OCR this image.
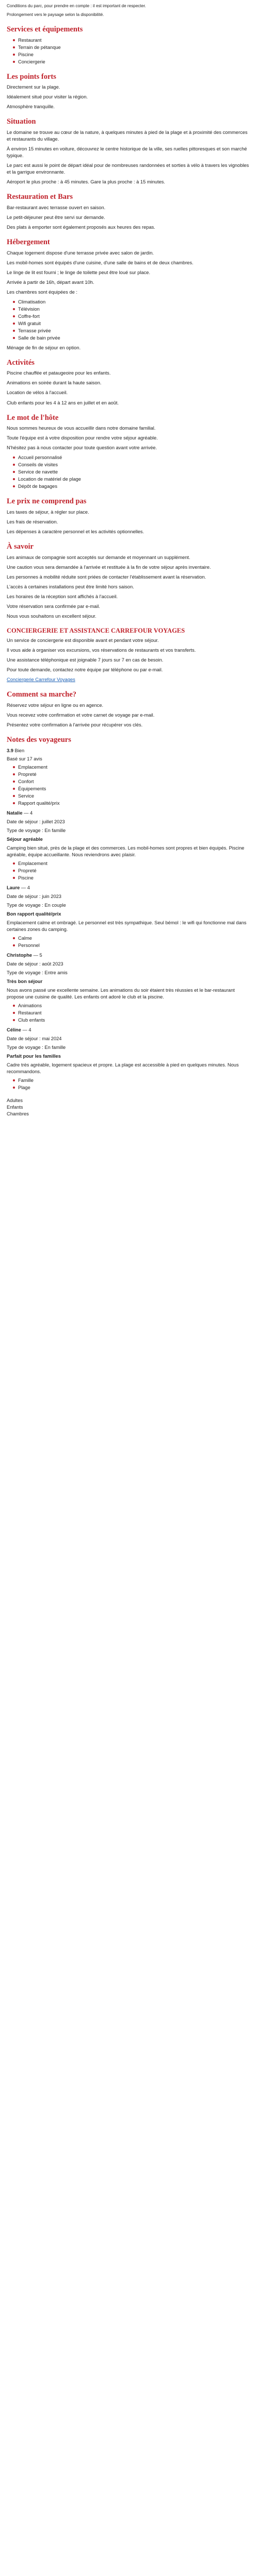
Conditions du parc, pour prendre en compte : il est important de respecter.

Prolongement vers le paysage selon la disponibilité.

Services et équipements
Restaurant
Terrain de pétanque
Piscine
Conciergerie
Les points forts

Directement sur la plage.

Idéalement situé pour visiter la région.

Atmosphère tranquille.

Situation

Le domaine se trouve au cœur de la nature, à quelques minutes à pied de la plage et à proximité des commerces et restaurants du village.

À environ 15 minutes en voiture, découvrez le centre historique de la ville, ses ruelles pittoresques et son marché typique.

Le parc est aussi le point de départ idéal pour de nombreuses randonnées et sorties à vélo à travers les vignobles et la garrigue environnante.

Aéroport le plus proche : à 45 minutes. Gare la plus proche : à 15 minutes.

Restauration et Bars

Bar-restaurant avec terrasse ouvert en saison.

Le petit-déjeuner peut être servi sur demande.

Des plats à emporter sont également proposés aux heures des repas.

Hébergement

Chaque logement dispose d'une terrasse privée avec salon de jardin.

Les mobil-homes sont équipés d'une cuisine, d'une salle de bains et de deux chambres.

Le linge de lit est fourni ; le linge de toilette peut être loué sur place.

Arrivée à partir de 16h, départ avant 10h.

Les chambres sont équipées de :

Climatisation
Télévision
Coffre-fort
Wifi gratuit
Terrasse privée
Salle de bain privée

Ménage de fin de séjour en option.

Activités

Piscine chauffée et pataugeoire pour les enfants.

Animations en soirée durant la haute saison.

Location de vélos à l'accueil.

Club enfants pour les 4 à 12 ans en juillet et en août.

Le mot de l'hôte

Nous sommes heureux de vous accueillir dans notre domaine familial.

Toute l'équipe est à votre disposition pour rendre votre séjour agréable.

N'hésitez pas à nous contacter pour toute question avant votre arrivée.

Accueil personnalisé
Conseils de visites
Service de navette
Location de matériel de plage
Dépôt de bagages
Le prix ne comprend pas

Les taxes de séjour, à régler sur place.

Les frais de réservation.

Les dépenses à caractère personnel et les activités optionnelles.

À savoir

Les animaux de compagnie sont acceptés sur demande et moyennant un supplément.

Une caution vous sera demandée à l'arrivée et restituée à la fin de votre séjour après inventaire.

Les personnes à mobilité réduite sont priées de contacter l'établissement avant la réservation.

L'accès à certaines installations peut être limité hors saison.

Les horaires de la réception sont affichés à l'accueil.

Votre réservation sera confirmée par e-mail.

Nous vous souhaitons un excellent séjour.

CONCIERGERIE ET ASSISTANCE CARREFOUR VOYAGES

Un service de conciergerie est disponible avant et pendant votre séjour.

Il vous aide à organiser vos excursions, vos réservations de restaurants et vos transferts.

Une assistance téléphonique est joignable 7 jours sur 7 en cas de besoin.

Pour toute demande, contactez notre équipe par téléphone ou par e-mail.

Conciergerie Carrefour Voyages

Comment sa marche?

Réservez votre séjour en ligne ou en agence.

Vous recevez votre confirmation et votre carnet de voyage par e-mail.

Présentez votre confirmation à l'arrivée pour récupérer vos clés.

Notes des voyageurs

3.9 Bien

Basé sur 17 avis

Emplacement
Propreté
Confort
Équipements
Service
Rapport qualité/prix

Natalie — 4

Date de séjour : juillet 2023

Type de voyage : En famille

Séjour agréable

Camping bien situé, près de la plage et des commerces. Les mobil-homes sont propres et bien équipés. Piscine agréable, équipe accueillante. Nous reviendrons avec plaisir.

Emplacement
Propreté
Piscine

Laure — 4

Date de séjour : juin 2023

Type de voyage : En couple

Bon rapport qualité/prix

Emplacement calme et ombragé. Le personnel est très sympathique. Seul bémol : le wifi qui fonctionne mal dans certaines zones du camping.

Calme
Personnel

Christophe — 5

Date de séjour : août 2023

Type de voyage : Entre amis

Très bon séjour

Nous avons passé une excellente semaine. Les animations du soir étaient très réussies et le bar-restaurant propose une cuisine de qualité. Les enfants ont adoré le club et la piscine.

Animations
Restaurant
Club enfants

Céline — 4

Date de séjour : mai 2024

Type de voyage : En famille

Parfait pour les familles

Cadre très agréable, logement spacieux et propre. La plage est accessible à pied en quelques minutes. Nous recommandons.

Famille
Plage

Adultes

Enfants

Chambres
